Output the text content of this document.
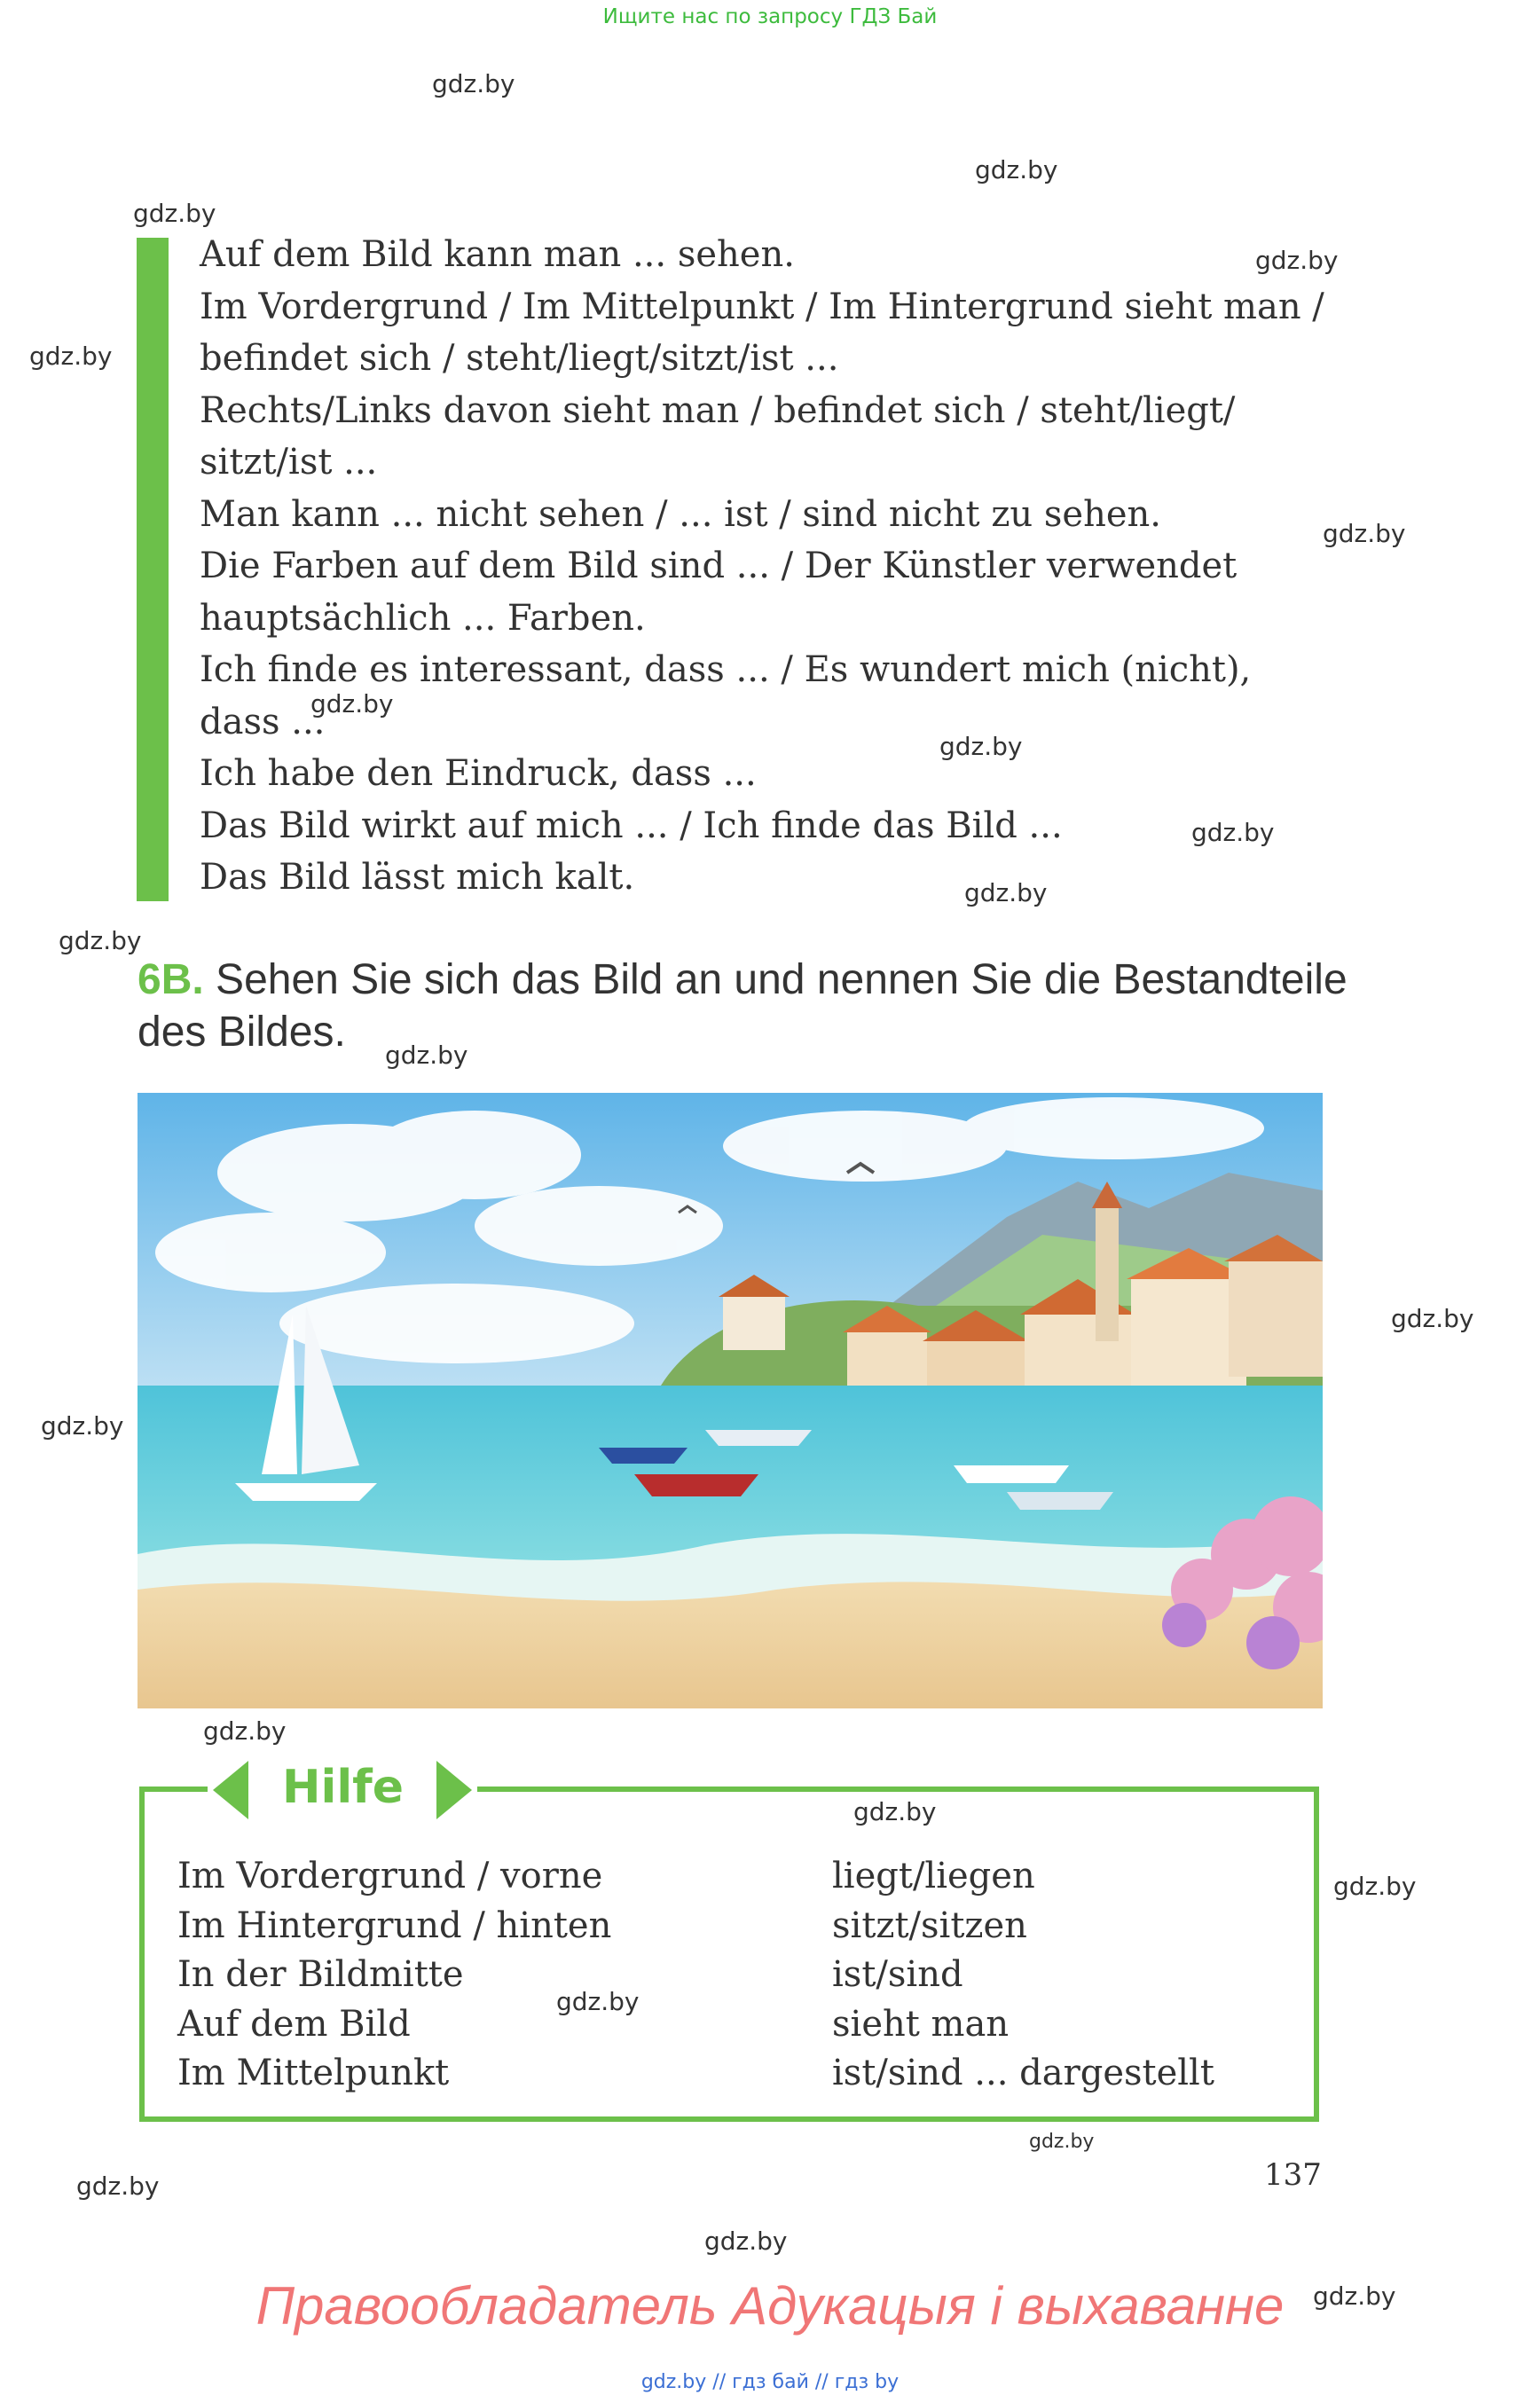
Ищите нас по запросу ГДЗ Бай
gdz.by
gdz.by
gdz.by
gdz.by
gdz.by
gdz.by
gdz.by
gdz.by
gdz.by
gdz.by
gdz.by
gdz.by
gdz.by
gdz.by
gdz.by
gdz.by
gdz.by
gdz.by
gdz.by
gdz.by
gdz.by
gdz.by
Auf dem Bild kann man ... sehen.
Im Vordergrund / Im Mittelpunkt / Im Hintergrund sieht man /
befindet sich / steht/liegt/sitzt/ist ...
Rechts/Links davon sieht man / befindet sich / steht/liegt/
sitzt/ist ...
Man kann ... nicht sehen / ... ist / sind nicht zu sehen.
Die Farben auf dem Bild sind ... / Der Künstler verwendet
hauptsächlich ... Farben.
Ich finde es interessant, dass ... / Es wundert mich (nicht),
dass ...
Ich habe den Eindruck, dass ...
Das Bild wirkt auf mich ... / Ich finde das Bild ...
Das Bild lässt mich kalt.
6B. Sehen Sie sich das Bild an und nennen Sie die Bestandteile
des Bildes.
Hilfe
Im Vordergrund / vorne
Im Hintergrund / hinten
In der Bildmitte
Auf dem Bild
Im Mittelpunkt
liegt/liegen
sitzt/sitzen
ist/sind
sieht man
ist/sind ... dargestellt
137
Правообладатель Адукацыя і выхаванне
gdz.by // гдз бай // гдз by
